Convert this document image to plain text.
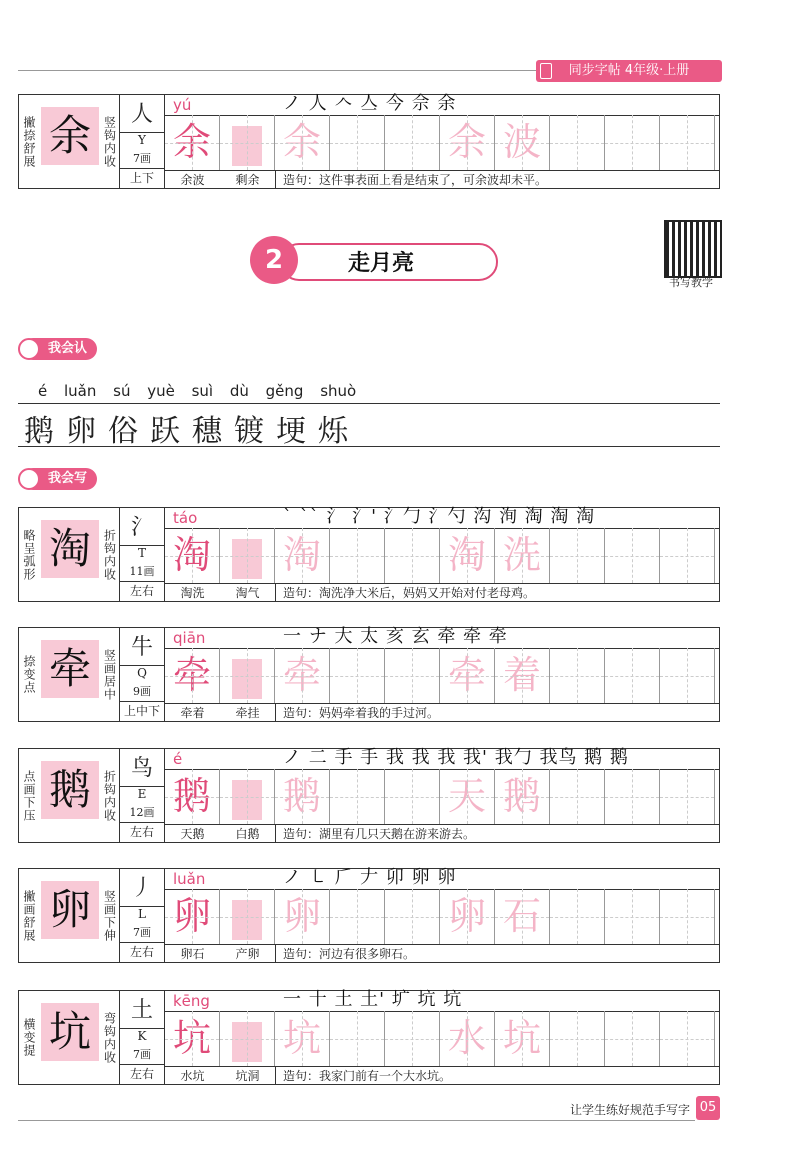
同步字帖 4年级·上册
撇捺舒展 余 竖钩内收
人
Y
7画
上下
yú	ノ 人 𠆢 亼 今 佘 余
余 余	余 波
余波	剩余	造句：这件事表面上看是结束了，可余波却未平。
略呈弧形 淘 折钩内收
氵
T
11画
左右
táo	` `` 氵 氵' 氵勹 氵勺 沟 洵 淘 淘 淘
淘 淘	淘 洗
淘洗	淘气	造句：淘洗净大米后，妈妈又开始对付老母鸡。
捺变点 牵 竖画居中
牛
Q
9画
上中下
qiān	一 ナ 大 太 亥 玄 牵 牵 牵
牵 牵	牵 着
牵着	牵挂	造句：妈妈牵着我的手过河。
点画下压 鹅 折钩内收
鸟
E
12画
左右
é	ノ 二 手 手 我 我 我 我' 我勹 我鸟 鹅 鹅
鹅 鹅	天 鹅
天鹅	白鹅	造句：湖里有几只天鹅在游来游去。
撇画舒展 卵 竖画下伸
丿
L
7画
左右
luǎn	ノ ㇄ 𠂆 𠂇 卯 卵 卵
卵 卵	卵 石
卵石	产卵	造句：河边有很多卵石。
横变提 坑 弯钩内收
土
K
7画
左右
kēng	一 十 土 土' 圹 坑 坑
坑 坑	水 坑
水坑	坑洞	造句：我家门前有一个大水坑。
2	走月亮
书写教学
我会认
é luǎn sú yuè suì dù gěng shuò
鹅卵俗跃穗镀埂烁
我会写
让学生练好规范手写字 05
